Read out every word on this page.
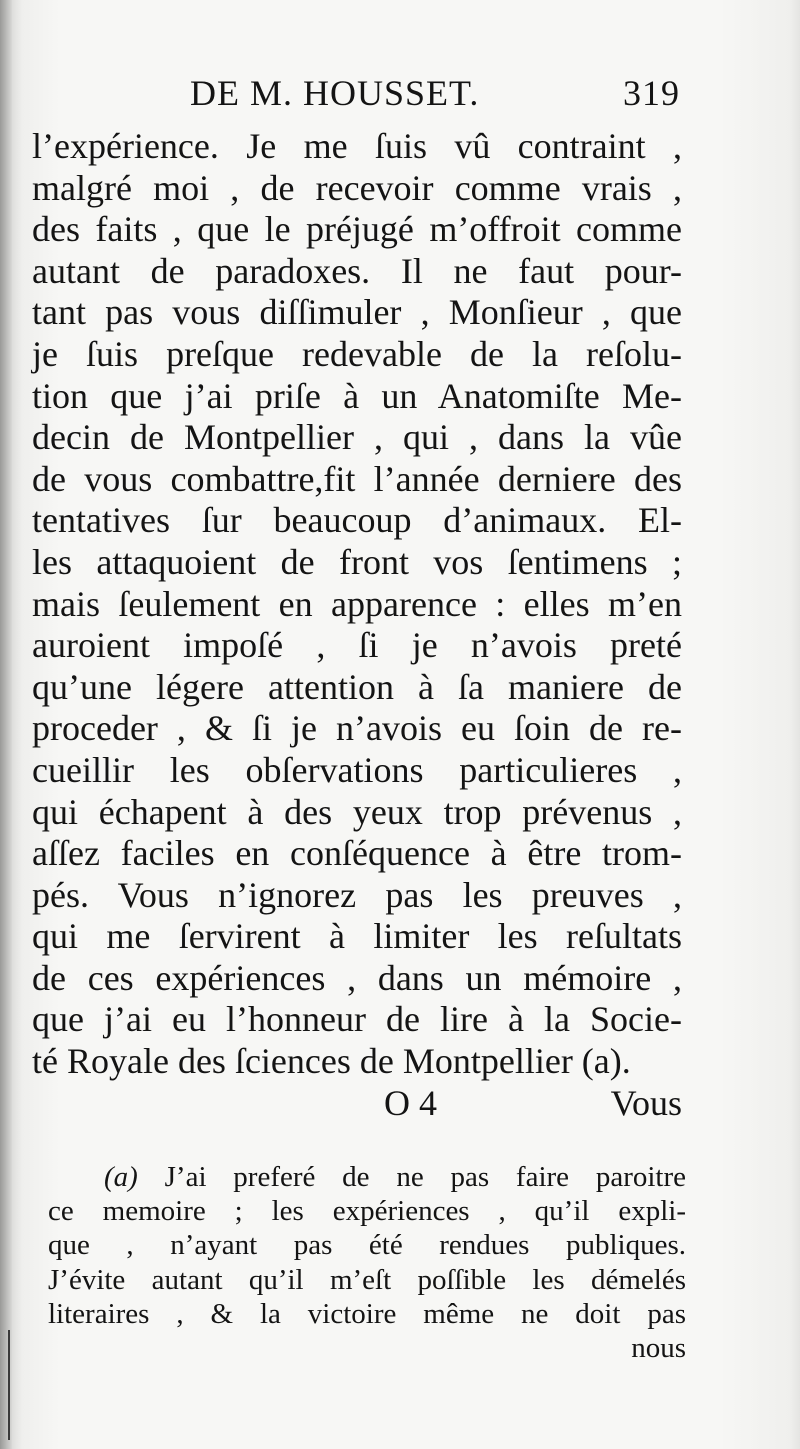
DE M. HOUSSET.	319
l’expérience. Je me ſuis vû contraint ,
malgré moi , de recevoir comme vrais ,
des faits , que le préjugé m’offroit comme
autant de paradoxes. Il ne faut pour-
tant pas vous diſſimuler , Monſieur , que
je ſuis preſque redevable de la reſolu-
tion que j’ai priſe à un Anatomiſte Me-
decin de Montpellier , qui , dans la vûe
de vous combattre,fit l’année derniere des
tentatives ſur beaucoup d’animaux. El-
les attaquoient de front vos ſentimens ;
mais ſeulement en apparence : elles m’en
auroient impoſé , ſi je n’avois preté
qu’une légere attention à ſa maniere de
proceder , & ſi je n’avois eu ſoin de re-
cueillir les obſervations particulieres ,
qui échapent à des yeux trop prévenus ,
aſſez faciles en conſéquence à être trom-
pés. Vous n’ignorez pas les preuves ,
qui me ſervirent à limiter les reſultats
de ces expériences , dans un mémoire ,
que j’ai eu l’honneur de lire à la Socie-
té Royale des ſciences de Montpellier (a).
O 4	Vous
(a) J’ai preferé de ne pas faire paroitre
ce memoire ; les expériences , qu’il expli-
que , n’ayant pas été rendues publiques.
J’évite autant qu’il m’eſt poſſible les démelés
literaires , & la victoire même ne doit pas
nous
